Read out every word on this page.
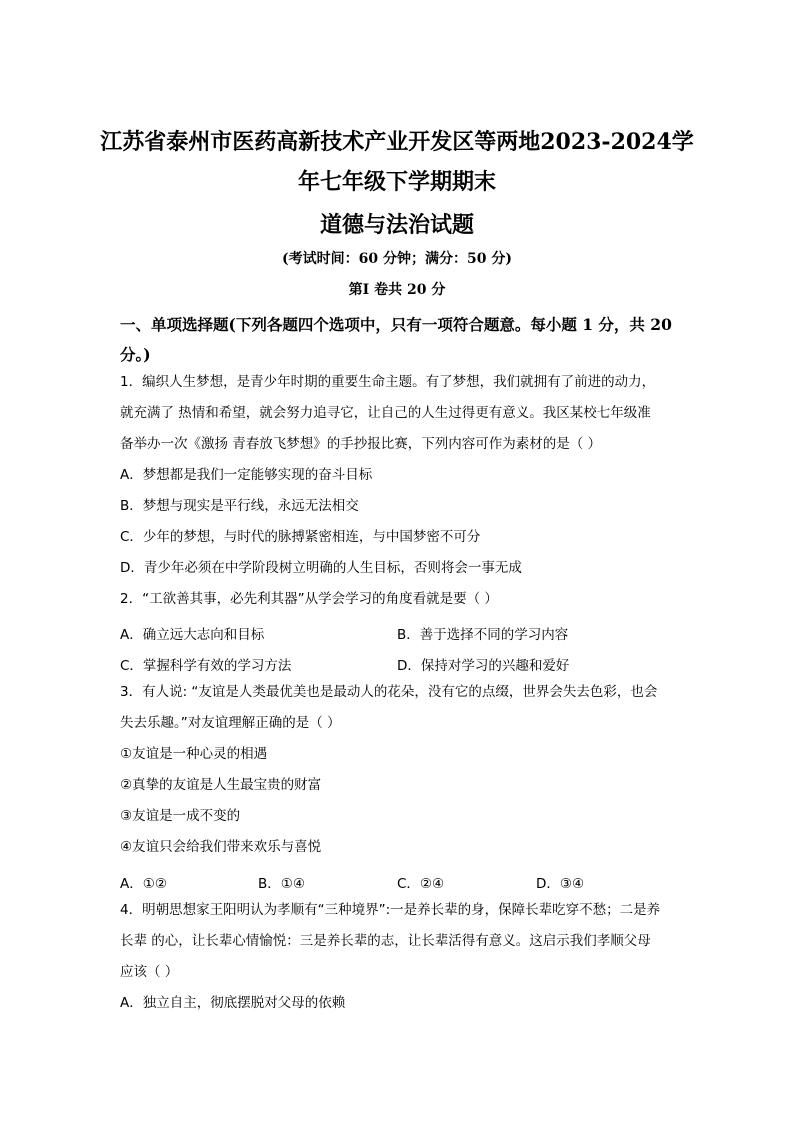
江苏省泰州市医药高新技术产业开发区等两地2023-2024学
年七年级下学期期末
道德与法治试题
(考试时间：60 分钟；满分：50 分)
第Ⅰ 卷共 20 分
一、单项选择题(下列各题四个选项中，只有一项符合题意。每小题 1 分，共 20
分。)
1．编织人生梦想，是青少年时期的重要生命主题。有了梦想，我们就拥有了前进的动力，
就充满了 热情和希望，就会努力追寻它，让自己的人生过得更有意义。我区某校七年级准
备举办一次《激扬 青春放飞梦想》的手抄报比赛，下列内容可作为素材的是（ ）
A．梦想都是我们一定能够实现的奋斗目标
B．梦想与现实是平行线，永远无法相交
C．少年的梦想，与时代的脉搏紧密相连，与中国梦密不可分
D．青少年必须在中学阶段树立明确的人生目标，否则将会一事无成
2．“工欲善其事，必先利其器”从学会学习的角度看就是要（ ）
A．确立远大志向和目标	B．善于选择不同的学习内容
C．掌握科学有效的学习方法	D．保持对学习的兴趣和爱好
3．有人说: “友谊是人类最优美也是最动人的花朵，没有它的点缀，世界会失去色彩，也会
失去乐趣。”对友谊理解正确的是（ ）
①友谊是一种心灵的相遇
②真挚的友谊是人生最宝贵的财富
③友谊是一成不变的
④友谊只会给我们带来欢乐与喜悦
A．①②	B．①④	C．②④	D．③④
4．明朝思想家王阳明认为孝顺有“三种境界”:一是养长辈的身，保障长辈吃穿不愁；二是养
长辈 的心，让长辈心情愉悦：三是养长辈的志，让长辈活得有意义。这启示我们孝顺父母
应该（ ）
A．独立自主，彻底摆脱对父母的依赖
